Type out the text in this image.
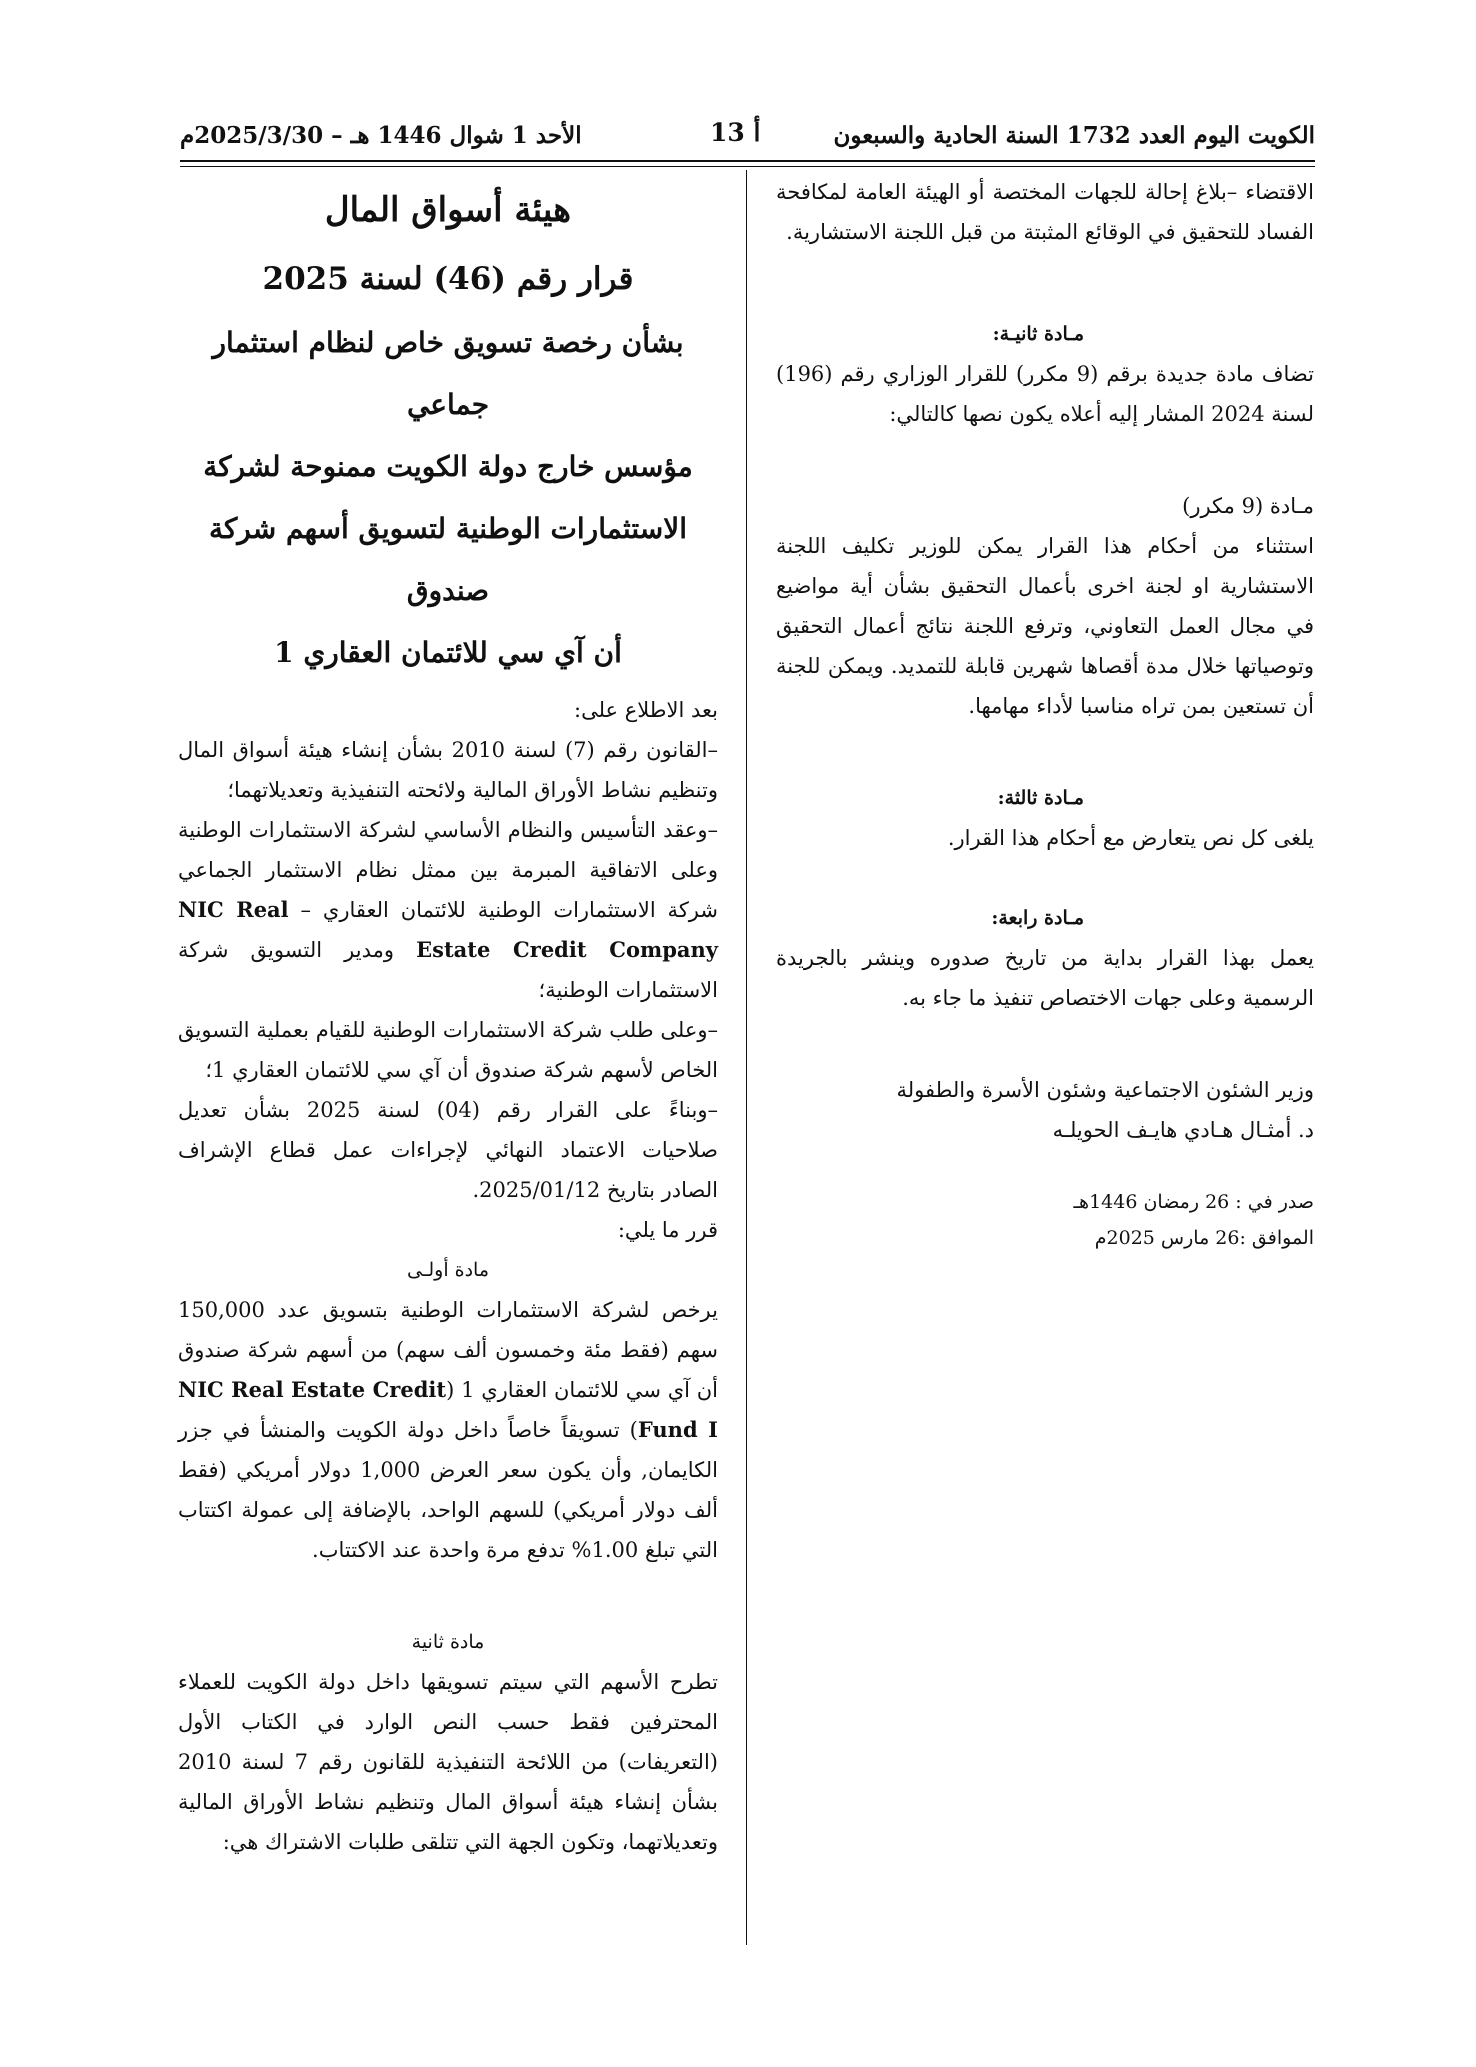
الكويت اليوم العدد 1732 السنة الحادية والسبعون
أ 13
الأحد 1 شوال 1446 هـ – 2025/3/30م

الاقتضاء –بلاغ إحالة للجهات المختصة أو الهيئة العامة لمكافحة الفساد للتحقيق في الوقائع المثبتة من قبل اللجنة الاستشارية.

مـادة ثانيـة:

تضاف مادة جديدة برقم (9 مكرر) للقرار الوزاري رقم (196) لسنة 2024 المشار إليه أعلاه يكون نصها كالتالي:

مـادة (9 مكرر)

استثناء من أحكام هذا القرار يمكن للوزير تكليف اللجنة الاستشارية او لجنة اخرى بأعمال التحقيق بشأن أية مواضيع في مجال العمل التعاوني، وترفع اللجنة نتائج أعمال التحقيق وتوصياتها خلال مدة أقصاها شهرين قابلة للتمديد. ويمكن للجنة أن تستعين بمن تراه مناسبا لأداء مهامها.

مـادة ثالثة:

يلغى كل نص يتعارض مع أحكام هذا القرار.

مـادة رابعة:

يعمل بهذا القرار بداية من تاريخ صدوره وينشر بالجريدة الرسمية وعلى جهات الاختصاص تنفيذ ما جاء به.

وزير الشئون الاجتماعية وشئون الأسرة والطفولة

د. أمثـال هـادي هايـف الحويلـه

صدر في : 26 رمضان 1446هـ

الموافق :26 مارس 2025م

هيئة أسواق المال

قرار رقم (46) لسنة 2025

بشأن رخصة تسويق خاص لنظام استثمار جماعي
مؤسس خارج دولة الكويت ممنوحة لشركة
الاستثمارات الوطنية لتسويق أسهم شركة صندوق
أن آي سي للائتمان العقاري 1

بعد الاطلاع على:

–القانون رقم (7) لسنة 2010 بشأن إنشاء هيئة أسواق المال وتنظيم نشاط الأوراق المالية ولائحته التنفيذية وتعديلاتهما؛

–وعقد التأسيس والنظام الأساسي لشركة الاستثمارات الوطنية وعلى الاتفاقية المبرمة بين ممثل نظام الاستثمار الجماعي شركة الاستثمارات الوطنية للائتمان العقاري – NIC Real Estate Credit Company ومدير التسويق شركة الاستثمارات الوطنية؛

–وعلى طلب شركة الاستثمارات الوطنية للقيام بعملية التسويق الخاص لأسهم شركة صندوق أن آي سي للائتمان العقاري 1؛

–وبناءً على القرار رقم (04) لسنة 2025 بشأن تعديل صلاحيات الاعتماد النهائي لإجراءات عمل قطاع الإشراف الصادر بتاريخ 2025/01/12.

قرر ما يلي:

مادة أولـى

يرخص لشركة الاستثمارات الوطنية بتسويق عدد 150,000 سهم (فقط مئة وخمسون ألف سهم) من أسهم شركة صندوق أن آي سي للائتمان العقاري 1 (NIC Real Estate Credit Fund I) تسويقاً خاصاً داخل دولة الكويت والمنشأ في جزر الكايمان, وأن يكون سعر العرض 1,000 دولار أمريكي (فقط ألف دولار أمريكي) للسهم الواحد، بالإضافة إلى عمولة اكتتاب التي تبلغ 1.00% تدفع مرة واحدة عند الاكتتاب.

مادة ثانية

تطرح الأسهم التي سيتم تسويقها داخل دولة الكويت للعملاء المحترفين فقط حسب النص الوارد في الكتاب الأول (التعريفات) من اللائحة التنفيذية للقانون رقم 7 لسنة 2010 بشأن إنشاء هيئة أسواق المال وتنظيم نشاط الأوراق المالية وتعديلاتهما، وتكون الجهة التي تتلقى طلبات الاشتراك هي:
